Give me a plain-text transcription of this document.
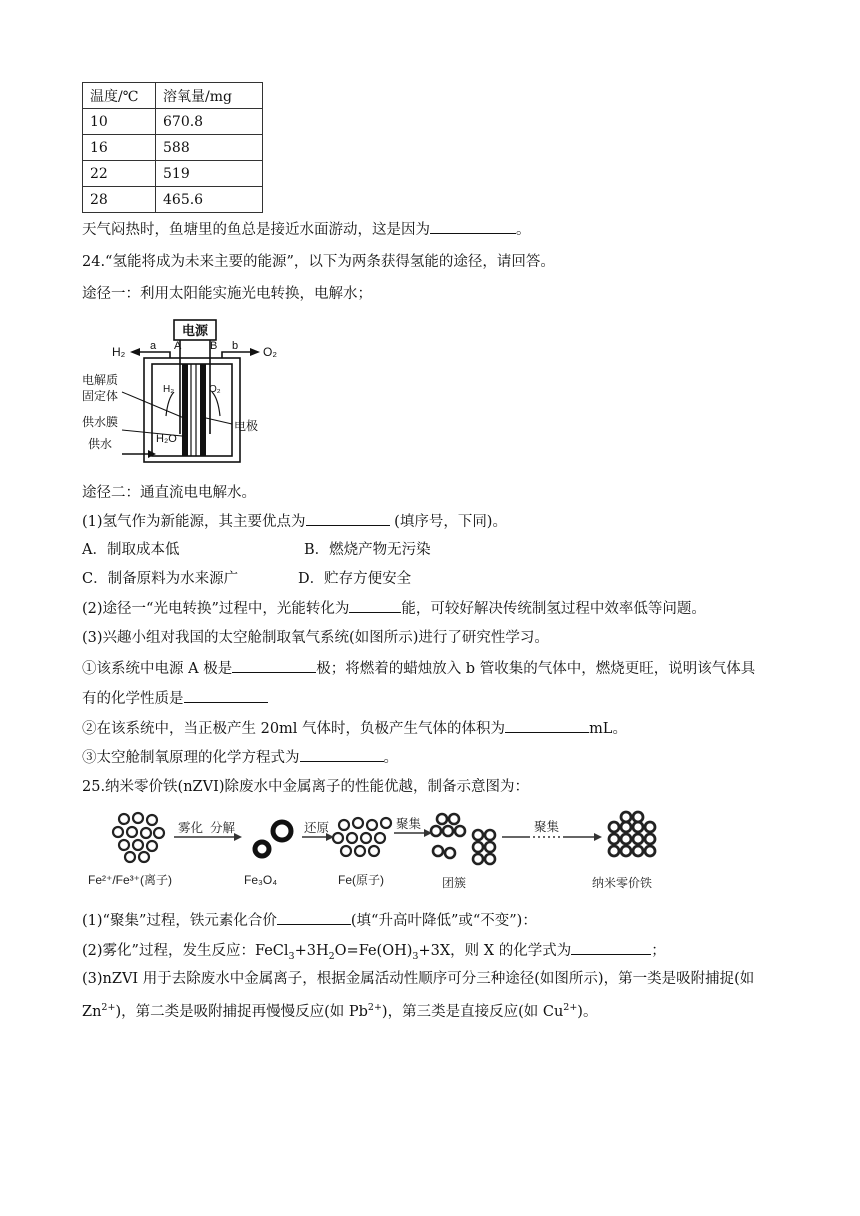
温度/℃	溶氧量/mg
10	670.8
16	588
22	519
28	465.6
天气闷热时，鱼塘里的鱼总是接近水面游动，这是因为	。
24.“氢能将成为未来主要的能源”，以下为两条获得氢能的途径，请回答。
途径一：利用太阳能实施光电转换，电解水；
电源
a A	B b
H₂	O₂
H₂	O₂
电解质
固定体
供水膜
供水	H₂O
电极
途径二：通直流电电解水。
(1)氢气作为新能源，其主要优点为	(填序号，下同)。
A．制取成本低	B．燃烧产物无污染
C．制备原料为水来源广	D．贮存方便安全
(2)途径一“光电转换”过程中，光能转化为	能，可较好解决传统制氢过程中效率低等问题。
(3)兴趣小组对我国的太空舱制取氧气系统(如图所示)进行了研究性学习。
①该系统中电源 A 极是	极；将燃着的蜡烛放入 b 管收集的气体中，燃烧更旺，说明该气体具
有的化学性质是
②在该系统中，当正极产生 20ml 气体时，负极产生气体的体积为	mL。
③太空舱制氧原理的化学方程式为	。
25.纳米零价铁(nZVI)除废水中金属离子的性能优越，制备示意图为：
雾化 分解	还原	聚集	聚集
Fe²⁺/Fe³⁺(离子)	Fe₃O₄	Fe(原子)	团簇	纳米零价铁
(1)“聚集”过程，铁元素化合价	(填“升高叶降低”或“不变”)：
(2)雾化”过程，发生反应：$FeCl_3+3H_2O=Fe(OH)_3+3X$，则 X 的化学式为	；
(3)nZVI 用于去除废水中金属离子，根据金属活动性顺序可分三种途径(如图所示)，第一类是吸附捕捉(如
$Zn^{2+}$)，第二类是吸附捕捉再慢慢反应(如 $Pb^{2+}$)，第三类是直接反应(如 $Cu^{2+}$)。
